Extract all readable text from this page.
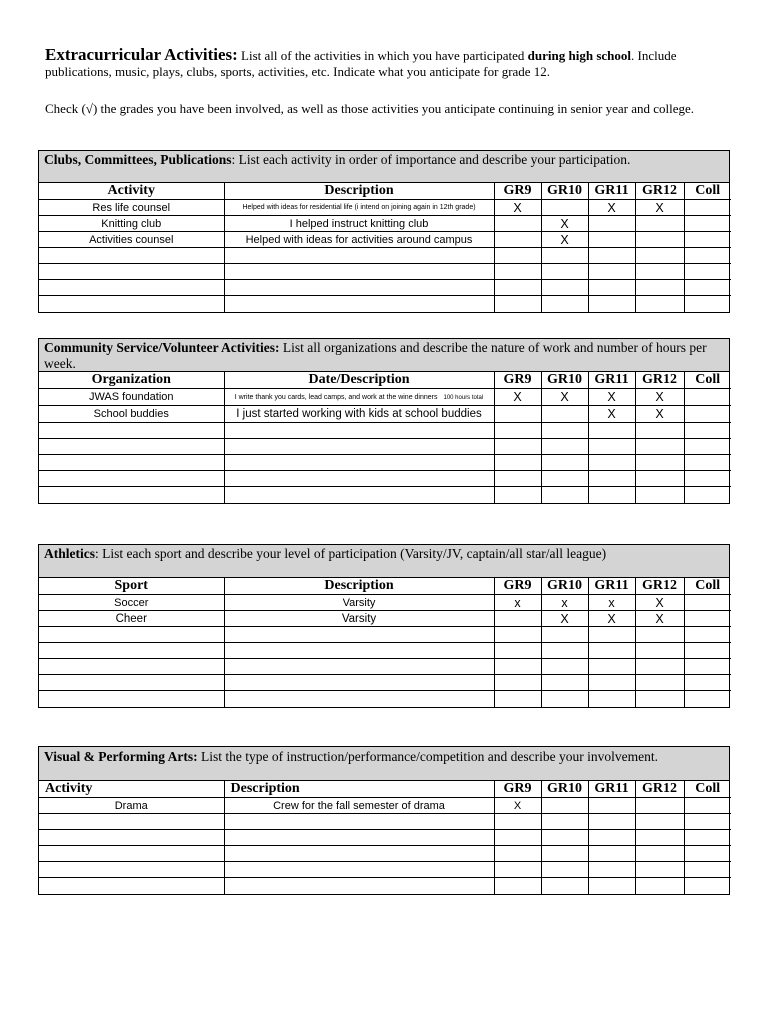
Extracurricular Activities: List all of the activities in which you have participated during high school. Include publications, music, plays, clubs, sports, activities, etc. Indicate what you anticipate for grade 12.
Check (√) the grades you have been involved, as well as those activities you anticipate continuing in senior year and college.
Clubs, Committees, Publications: List each activity in order of importance and describe your participation.
Activity	Description	GR9	GR10	GR11	GR12	Coll
Res life counsel	Helped with ideas for residential life (i intend on joining again in 12th grade)	X		X	X	
Knitting club	I helped instruct knitting club		X			
Activities counsel	Helped with ideas for activities around campus		X			

Community Service/Volunteer Activities: List all organizations and describe the nature of work and number of hours per week.
Organization	Date/Description	GR9	GR10	GR11	GR12	Coll
JWAS foundation	I write thank you cards, lead camps, and work at the wine dinners 100 hours total	X	X	X	X	
School buddies	I just started working with kids at school buddies			X	X	

Athletics: List each sport and describe your level of participation (Varsity/JV, captain/all star/all league)
Sport	Description	GR9	GR10	GR11	GR12	Coll
Soccer	Varsity	x	x	x	X	
Cheer	Varsity		X	X	X	

Visual & Performing Arts: List the type of instruction/performance/competition and describe your involvement.
Activity	Description	GR9	GR10	GR11	GR12	Coll
Drama	Crew for the fall semester of drama	X				
